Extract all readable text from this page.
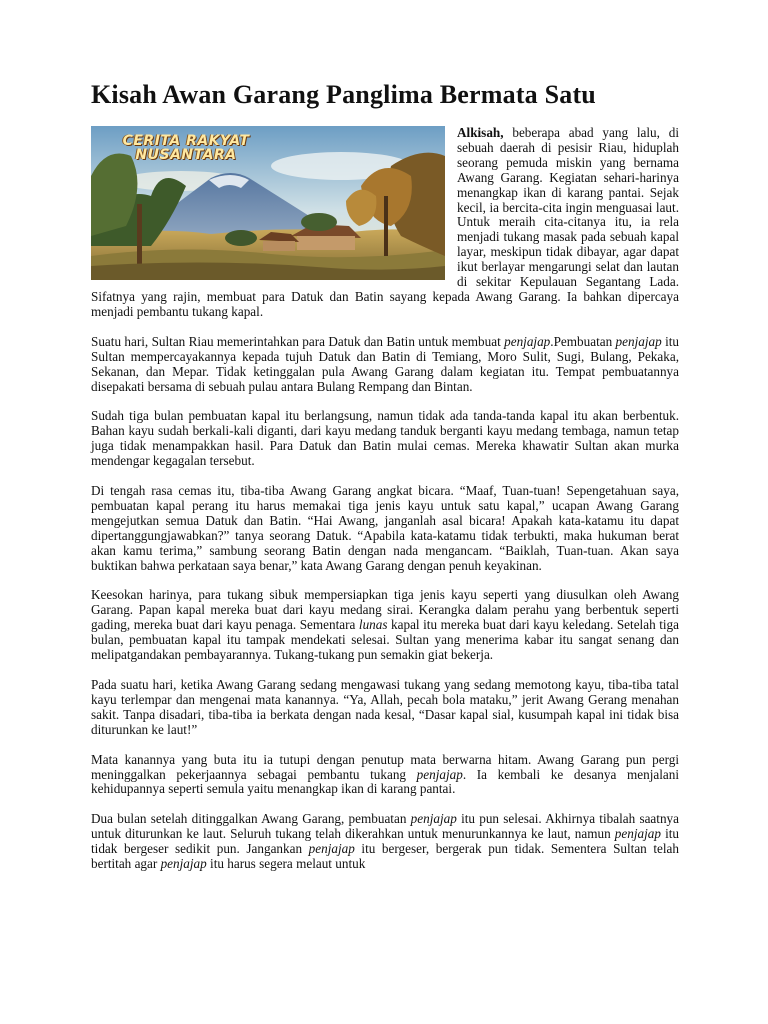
Kisah Awan Garang Panglima Bermata Satu
CERITA RAKYAT
NUSANTARA

Alkisah, beberapa abad yang lalu, di sebuah daerah di pesisir Riau, hiduplah seorang pemuda miskin yang bernama Awang Garang. Kegiatan sehari-harinya menangkap ikan di karang pantai. Sejak kecil, ia bercita-cita ingin menguasai laut. Untuk meraih cita-citanya itu, ia rela menjadi tukang masak pada sebuah kapal layar, meskipun tidak dibayar, agar dapat ikut berlayar mengarungi selat dan lautan di sekitar Kepulauan Segantang Lada. Sifatnya yang rajin, membuat para Datuk dan Batin sayang kepada Awang Garang. Ia bahkan dipercaya menjadi pembantu tukang kapal.

Suatu hari, Sultan Riau memerintahkan para Datuk dan Batin untuk membuat penjajap.Pembuatan penjajap itu Sultan mempercayakannya kepada tujuh Datuk dan Batin di Temiang, Moro Sulit, Sugi, Bulang, Pekaka, Sekanan, dan Mepar. Tidak ketinggalan pula Awang Garang dalam kegiatan itu. Tempat pembuatannya disepakati bersama di sebuah pulau antara Bulang Rempang dan Bintan.

Sudah tiga bulan pembuatan kapal itu berlangsung, namun tidak ada tanda-tanda kapal itu akan berbentuk. Bahan kayu sudah berkali-kali diganti, dari kayu medang tanduk berganti kayu medang tembaga, namun tetap juga tidak menampakkan hasil. Para Datuk dan Batin mulai cemas. Mereka khawatir Sultan akan murka mendengar kegagalan tersebut.

Di tengah rasa cemas itu, tiba-tiba Awang Garang angkat bicara. “Maaf, Tuan-tuan! Sepengetahuan saya, pembuatan kapal perang itu harus memakai tiga jenis kayu untuk satu kapal,” ucapan Awang Garang mengejutkan semua Datuk dan Batin. “Hai Awang, janganlah asal bicara! Apakah kata-katamu itu dapat dipertanggungjawabkan?” tanya seorang Datuk. “Apabila kata-katamu tidak terbukti, maka hukuman berat akan kamu terima,” sambung seorang Batin dengan nada mengancam. “Baiklah, Tuan-tuan. Akan saya buktikan bahwa perkataan saya benar,” kata Awang Garang dengan penuh keyakinan.

Keesokan harinya, para tukang sibuk mempersiapkan tiga jenis kayu seperti yang diusulkan oleh Awang Garang. Papan kapal mereka buat dari kayu medang sirai. Kerangka dalam perahu yang berbentuk seperti gading, mereka buat dari kayu penaga. Sementara lunas kapal itu mereka buat dari kayu keledang. Setelah tiga bulan, pembuatan kapal itu tampak mendekati selesai. Sultan yang menerima kabar itu sangat senang dan melipatgandakan pembayarannya. Tukang-tukang pun semakin giat bekerja.

Pada suatu hari, ketika Awang Garang sedang mengawasi tukang yang sedang memotong kayu, tiba-tiba tatal kayu terlempar dan mengenai mata kanannya. “Ya, Allah, pecah bola mataku,” jerit Awang Gerang menahan sakit. Tanpa disadari, tiba-tiba ia berkata dengan nada kesal, “Dasar kapal sial, kusumpah kapal ini tidak bisa diturunkan ke laut!”

Mata kanannya yang buta itu ia tutupi dengan penutup mata berwarna hitam. Awang Garang pun pergi meninggalkan pekerjaannya sebagai pembantu tukang penjajap. Ia kembali ke desanya menjalani kehidupannya seperti semula yaitu menangkap ikan di karang pantai.

Dua bulan setelah ditinggalkan Awang Garang, pembuatan penjajap itu pun selesai. Akhirnya tibalah saatnya untuk diturunkan ke laut. Seluruh tukang telah dikerahkan untuk menurunkannya ke laut, namun penjajap itu tidak bergeser sedikit pun. Jangankan penjajap itu bergeser, bergerak pun tidak. Sementera Sultan telah bertitah agar penjajap itu harus segera melaut untuk
